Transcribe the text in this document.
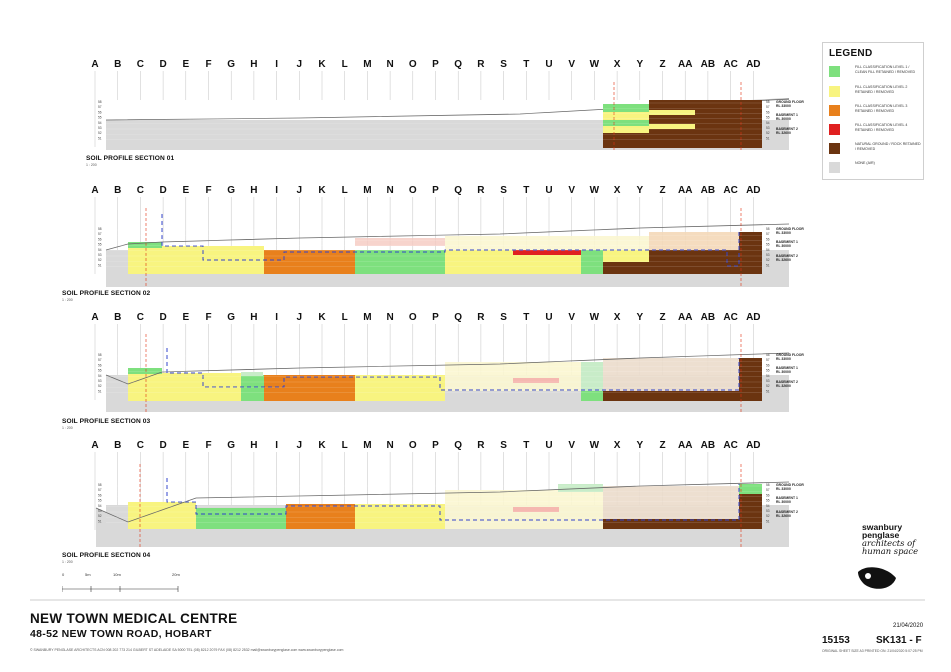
A B C D E F G H I J K L M N O P Q R S T U V W X Y Z AA AB AC AD
58	58
57	57
56	56
55	55
54	54
53	53
52	52
51	51
GROUND FLOOR
RL 33000
BASEMENT 1
RL 30000
BASEMENT 2
RL 32600
A B C D E F G H I J K L M N O P Q R S T U V W X Y Z AA AB AC AD
58	58
57	57
56	56
55	55
54	54
53	53
52	52
51	51
GROUND FLOOR
RL 33000
BASEMENT 1
RL 30000
BASEMENT 2
RL 32600
A B C D E F G H I J K L M N O P Q R S T U V W X Y Z AA AB AC AD
58	58
57	57
56	56
55	55
54	54
53	53
52	52
51	51
GROUND FLOOR
RL 33000
BASEMENT 1
RL 30000
BASEMENT 2
RL 32600
A B C D E F G H I J K L M N O P Q R S T U V W X Y Z AA AB AC AD
58	58
57	57
56	56
55	55
54	54
53	53
52	52
51	51
GROUND FLOOR
RL 33000
BASEMENT 1
RL 30000
BASEMENT 2
RL 32600
SOIL PROFILE SECTION 01
1 : 200
SOIL PROFILE SECTION 02
1 : 200
SOIL PROFILE SECTION 03
1 : 200
SOIL PROFILE SECTION 04
1 : 200
LEGEND
FILL CLASSIFICATION LEVEL 1 / CLEAN FILL RETAINED / REMOVED
FILL CLASSIFICATION LEVEL 2 RETAINED / REMOVED
FILL CLASSIFICATION LEVEL 3 RETAINED / REMOVED
FILL CLASSIFICATION LEVEL 4 RETAINED / REMOVED
NATURAL GROUND / ROCK RETAINED / REMOVED
NONE (AIR)
0	5m	10m	20m
swanbury
penglase
architects of
human space
NEW TOWN MEDICAL CENTRE
48-52 NEW TOWN ROAD, HOBART
© SWANBURY PENGLASE ARCHITECTS ACN 008 202 773 214 GILBERT ST ADELAIDE SA 5000 TEL (08) 8212 2079 FAX (08) 8212 2532 mail@swanburypenglase.com www.swanburypenglase.com
21/04/2020
15153	SK131 - F
ORIGINAL SHEET SIZE A3 PRINTED ON: 21/04/2020 5:07:25 PM
